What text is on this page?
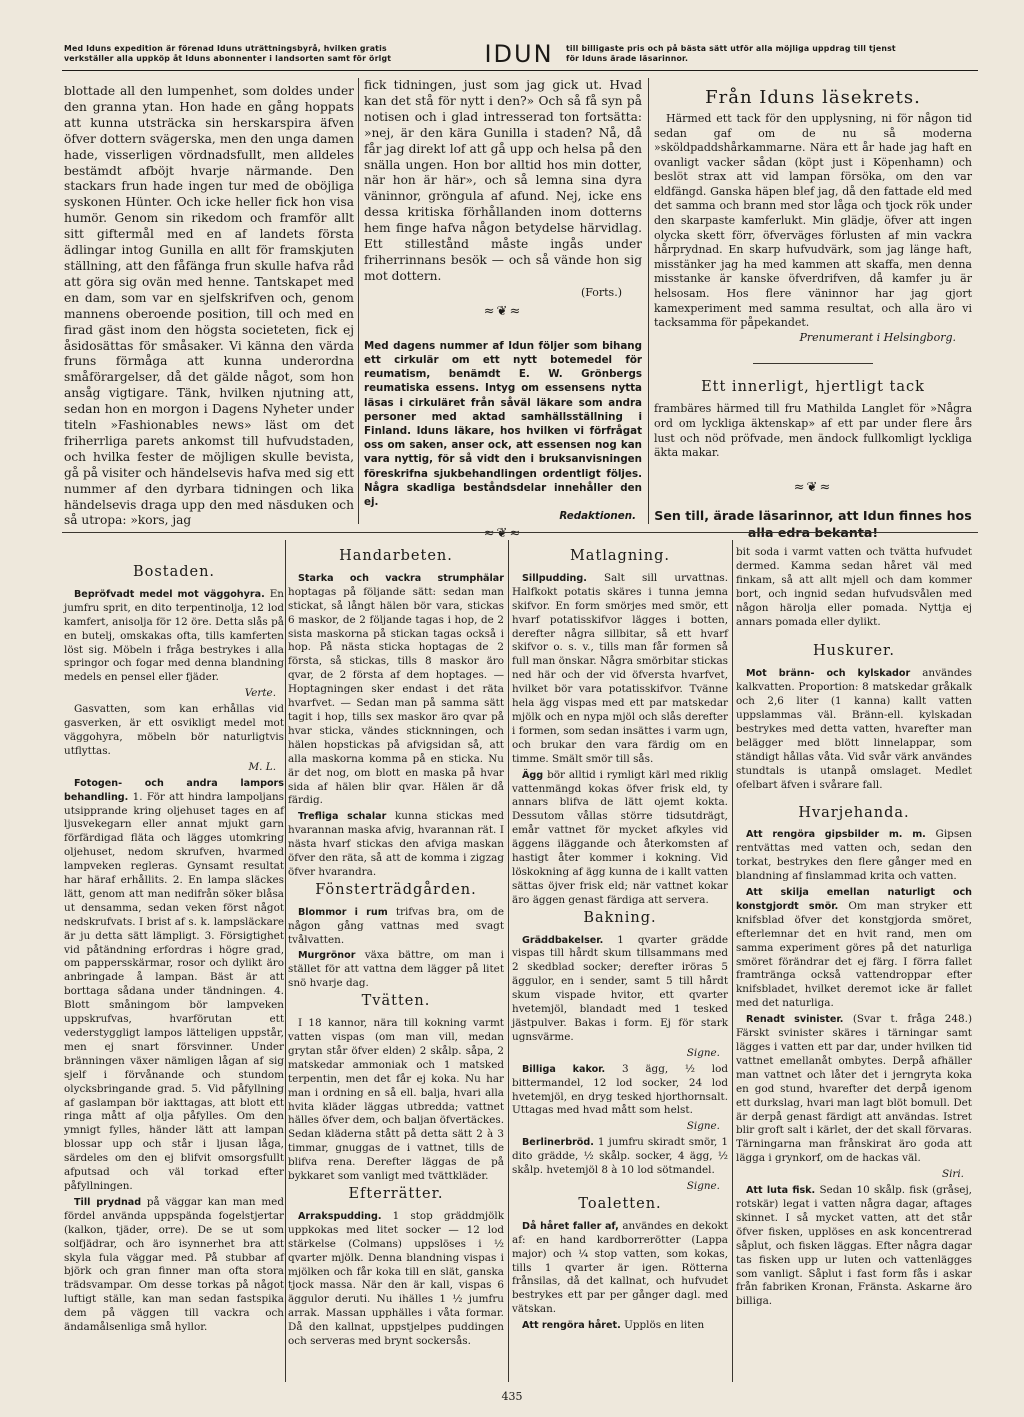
Med Iduns expedition är förenad Iduns uträttningsbyrå, hvilken gratis
verkställer alla uppköp åt Iduns abonnenter i landsorten samt för örlgt	IDUN	till billigaste pris och på bästa sätt utför alla möjliga uppdrag till tjenst
för Iduns ärade läsarinnor.

blottade all den lumpenhet, som doldes under den granna ytan. Hon hade en gång hoppats att kunna utsträcka sin herskarspira äfven öfver dottern svägerska, men den unga damen hade, visserligen vördnadsfullt, men alldeles bestämdt afböjt hvarje närmande. Den stackars frun hade ingen tur med de oböjliga syskonen Hünter. Och icke heller fick hon visa humör. Genom sin rikedom och framför allt sitt giftermål med en af landets första ädlingar intog Gunilla en allt för framskjuten ställning, att den fåfänga frun skulle hafva råd att göra sig ovän med henne. Tantskapet med en dam, som var en sjelfskrifven och, genom mannens oberoende position, till och med en firad gäst inom den högsta societeten, fick ej åsidosättas för småsaker. Vi känna den värda fruns förmåga att kunna underordna småförargelser, då det gälde något, som hon ansåg vigtigare. Tänk, hvilken njutning att, sedan hon en morgon i Dagens Nyheter under titeln »Fashionables news» läst om det friherrliga parets ankomst till hufvudstaden, och hvilka fester de möjligen skulle bevista, gå på visiter och händelsevis hafva med sig ett nummer af den dyrbara tidningen och lika händelsevis draga upp den med näsduken och så utropa: »kors, jag

fick tidningen, just som jag gick ut. Hvad kan det stå för nytt i den?» Och så få syn på notisen och i glad intresserad ton fortsätta: »nej, är den kära Gunilla i staden? Nå, då får jag direkt lof att gå upp och helsa på den snälla ungen. Hon bor alltid hos min dotter, när hon är här», och så lemna sina dyra väninnor, gröngula af afund. Nej, icke ens dessa kritiska förhållanden inom dotterns hem finge hafva någon betydelse härvidlag. Ett stillestånd måste ingås under friherrinnans besök — och så vände hon sig mot dottern.

(Forts.)
≈❦≈
Med dagens nummer af Idun följer som bihang ett cirkulär om ett nytt botemedel för reumatism, benämdt E. W. Grönbergs reumatiska essens. Intyg om essensens nytta läsas i cirkuläret från såväl läkare som andra personer med aktad samhällsställning i Finland. Iduns läkare, hos hvilken vi förfrågat oss om saken, anser ock, att essensen nog kan vara nyttig, för så vidt den i bruksanvisningen föreskrifna sjukbehandlingen ordentligt följes. Några skadliga beståndsdelar innehåller den ej.
Redaktionen.
≈❦≈
Från Iduns läsekrets.

Härmed ett tack för den upplysning, ni för någon tid sedan gaf om de nu så moderna »sköldpaddshårkammarne. Nära ett år hade jag haft en ovanligt vacker sådan (köpt just i Köpenhamn) och beslöt strax att vid lampan försöka, om den var eldfängd. Ganska häpen blef jag, då den fattade eld med det samma och brann med stor låga och tjock rök under den skarpaste kamferlukt. Min glädje, öfver att ingen olycka skett förr, öfverväges förlusten af min vackra hårprydnad. En skarp hufvudvärk, som jag länge haft, misstänker jag ha med kammen att skaffa, men denna misstanke är kanske öfverdrifven, då kamfer ju är helsosam. Hos flere väninnor har jag gjort kamexperiment med samma resultat, och alla äro vi tacksamma för påpekandet.

Prenumerant i Helsingborg.
Ett innerligt, hjertligt tack

frambäres härmed till fru Mathilda Langlet för »Några ord om lyckliga äktenskap» af ett par under flere års lust och nöd pröfvade, men ändock fullkomligt lyckliga äkta makar.

≈❦≈
Sen till, ärade läsarinnor, att Idun finnes hos alla edra bekanta!
Bostaden.

Bepröfvadt medel mot väggohyra. En jumfru sprit, en dito terpentinolja, 12 lod kamfert, anisolja för 12 öre. Detta slås på en butelj, omskakas ofta, tills kamferten löst sig. Möbeln i fråga bestrykes i alla springor och fogar med denna blandning medels en pensel eller fjäder.

Verte.

Gasvatten, som kan erhållas vid gasverken, är ett osvikligt medel mot väggohyra, möbeln bör naturligtvis utflyttas.

M. L.

Fotogen- och andra lampors behandling. 1. För att hindra lampoljans utsipprande kring oljehuset tages en af ljusvekegarn eller annat mjukt garn förfärdigad fläta och lägges utomkring oljehuset, nedom skrufven, hvarmed lampveken regleras. Gynsamt resultat har häraf erhållits. 2. En lampa släckes lätt, genom att man nedifrån söker blåsa ut densamma, sedan veken först något nedskrufvats. I brist af s. k. lampsläckare är ju detta sätt lämpligt. 3. Försigtighet vid påtändning erfordras i högre grad, om pappersskärmar, rosor och dylikt äro anbringade å lampan. Bäst är att borttaga sådana under tändningen. 4. Blott småningom bör lampveken uppskrufvas, hvarförutan ett vederstyggligt lampos lätteligen uppstår, men ej snart försvinner. Under bränningen växer nämligen lågan af sig sjelf i förvånande och stundom olycksbringande grad. 5. Vid påfyllning af gaslampan bör iakttagas, att blott ett ringa mått af olja påfylles. Om den ymnigt fylles, händer lätt att lampan blossar upp och står i ljusan låga, särdeles om den ej blifvit omsorgsfullt afputsad och väl torkad efter påfyllningen.

Till prydnad på väggar kan man med fördel använda uppspända fogelstjertar (kalkon, tjäder, orre). De se ut som solfjädrar, och äro isynnerhet bra att skyla fula väggar med. På stubbar af björk och gran finner man ofta stora trädsvampar. Om desse torkas på något luftigt ställe, kan man sedan fastspika dem på väggen till vackra och ändamålsenliga små hyllor.

Handarbeten.

Starka och vackra strumphälar hoptagas på följande sätt: sedan man stickat, så långt hälen bör vara, stickas 6 maskor, de 2 följande tagas i hop, de 2 sista maskorna på stickan tagas också i hop. På nästa sticka hoptagas de 2 första, så stickas, tills 8 maskor äro qvar, de 2 första af dem hoptages. — Hoptagningen sker endast i det räta hvarfvet. — Sedan man på samma sätt tagit i hop, tills sex maskor äro qvar på hvar sticka, vändes sticknningen, och hälen hopstickas på afvigsidan så, att alla maskorna komma på en sticka. Nu är det nog, om blott en maska på hvar sida af hälen blir qvar. Hälen är då färdig.

Trefliga schalar kunna stickas med hvarannan maska afvig, hvarannan rät. I nästa hvarf stickas den afviga maskan öfver den räta, så att de komma i zigzag öfver hvarandra.

Fönsterträdgården.

Blommor i rum trifvas bra, om de någon gång vattnas med svagt tvålvatten.

Murgrönor växa bättre, om man i stället för att vattna dem lägger på litet snö hvarje dag.

Tvätten.

I 18 kannor, nära till kokning varmt vatten vispas (om man vill, medan grytan står öfver elden) 2 skålp. såpa, 2 matskedar ammoniak och 1 matsked terpentin, men det får ej koka. Nu har man i ordning en så ell. balja, hvari alla hvita kläder läggas utbredda; vattnet hälles öfver dem, och baljan öfvertäckes. Sedan kläderna stått på detta sätt 2 à 3 timmar, gnuggas de i vattnet, tills de blifva rena. Derefter läggas de på bykkaret som vanligt med tvättkläder.

Efterrätter.

Arrakspudding. 1 stop gräddmjölk uppkokas med litet socker — 12 lod stärkelse (Colmans) uppslöses i ½ qvarter mjölk. Denna blandning vispas i mjölken och får koka till en slät, ganska tjock massa. När den är kall, vispas 6 äggulor deruti. Nu ihälles 1 ½ jumfru arrak. Massan upphälles i våta formar. Då den kallnat, uppstjelpes puddingen och serveras med brynt sockersås.

Matlagning.

Sillpudding. Salt sill urvattnas. Halfkokt potatis skäres i tunna jemna skifvor. En form smörjes med smör, ett hvarf potatisskifvor lägges i botten, derefter några sillbitar, så ett hvarf skifvor o. s. v., tills man får formen så full man önskar. Några smörbitar stickas ned här och der vid öfversta hvarfvet, hvilket bör vara potatisskifvor. Tvänne hela ägg vispas med ett par matskedar mjölk och en nypa mjöl och slås derefter i formen, som sedan insättes i varm ugn, och brukar den vara färdig om en timme. Smält smör till sås.

Ägg bör alltid i rymligt kärl med riklig vattenmängd kokas öfver frisk eld, ty annars blifva de lätt ojemt kokta. Dessutom vållas större tidsutdrägt, emår vattnet för mycket afkyles vid äggens iläggande och återkomsten af hastigt åter kommer i kokning. Vid löskokning af ägg kunna de i kallt vatten sättas öjver frisk eld; när vattnet kokar äro äggen genast färdiga att servera.

Bakning.

Gräddbakelser. 1 qvarter grädde vispas till hårdt skum tillsammans med 2 skedblad socker; derefter iröras 5 äggulor, en i sender, samt 5 till hårdt skum vispade hvitor, ett qvarter hvetemjöl, blandadt med 1 tesked jästpulver. Bakas i form. Ej för stark ugnsvärme.

Signe.

Billiga kakor. 3 ägg, ½ lod bittermandel, 12 lod socker, 24 lod hvetemjöl, en dryg tesked hjorthornsalt. Uttagas med hvad mått som helst.

Signe.

Berlinerbröd. 1 jumfru skiradt smör, 1 dito grädde, ½ skålp. socker, 4 ägg, ½ skålp. hvetemjöl 8 à 10 lod sötmandel.

Signe.

Toaletten.

Då håret faller af, användes en dekokt af: en hand kardborrerötter (Lappa major) och ¼ stop vatten, som kokas, tills 1 qvarter är igen. Rötterna frånsilas, då det kallnat, och hufvudet bestrykes ett par per gånger dagl. med vätskan.

Att rengöra håret. Upplös en liten

bit soda i varmt vatten och tvätta hufvudet dermed. Kamma sedan håret väl med finkam, så att allt mjell och dam kommer bort, och ingnid sedan hufvudsvålen med någon härolja eller pomada. Nyttja ej annars pomada eller dylikt.

Huskurer.

Mot bränn- och kylskador användes kalkvatten. Proportion: 8 matskedar gråkalk och 2,6 liter (1 kanna) kallt vatten uppslammas väl. Bränn-ell. kylskadan bestrykes med detta vatten, hvarefter man belägger med blött linnelappar, som ständigt hållas våta. Vid svår värk användes stundtals is utanpå omslaget. Medlet ofelbart äfven i svårare fall.

Hvarjehanda.

Att rengöra gipsbilder m. m. Gipsen rentvättas med vatten och, sedan den torkat, bestrykes den flere gånger med en blandning af finslammad krita och vatten.

Att skilja emellan naturligt och konstgjordt smör. Om man stryker ett knifsblad öfver det konstgjorda smöret, efterlemnar det en hvit rand, men om samma experiment göres på det naturliga smöret förändrar det ej färg. I förra fallet framtränga också vattendroppar efter knifsbladet, hvilket deremot icke är fallet med det naturliga.

Renadt svinister. (Svar t. fråga 248.) Färskt svinister skäres i tärningar samt lägges i vatten ett par dar, under hvilken tid vattnet emellanåt ombytes. Derpå afhäller man vattnet och låter det i jerngryta koka en god stund, hvarefter det derpå igenom ett durkslag, hvari man lagt blöt bomull. Det är derpå genast färdigt att användas. Istret blir groft salt i kärlet, der det skall förvaras. Tärningarna man frånskirat äro goda att lägga i grynkorf, om de hackas väl.

Siri.

Att luta fisk. Sedan 10 skålp. fisk (gråsej, rotskär) legat i vatten några dagar, aftages skinnet. I så mycket vatten, att det står öfver fisken, upplöses en ask koncentrerad såplut, och fisken läggas. Efter några dagar tas fisken upp ur luten och vattenlägges som vanligt. Såplut i fast form fås i askar från fabriken Kronan, Fränsta. Askarne äro billiga.

435
